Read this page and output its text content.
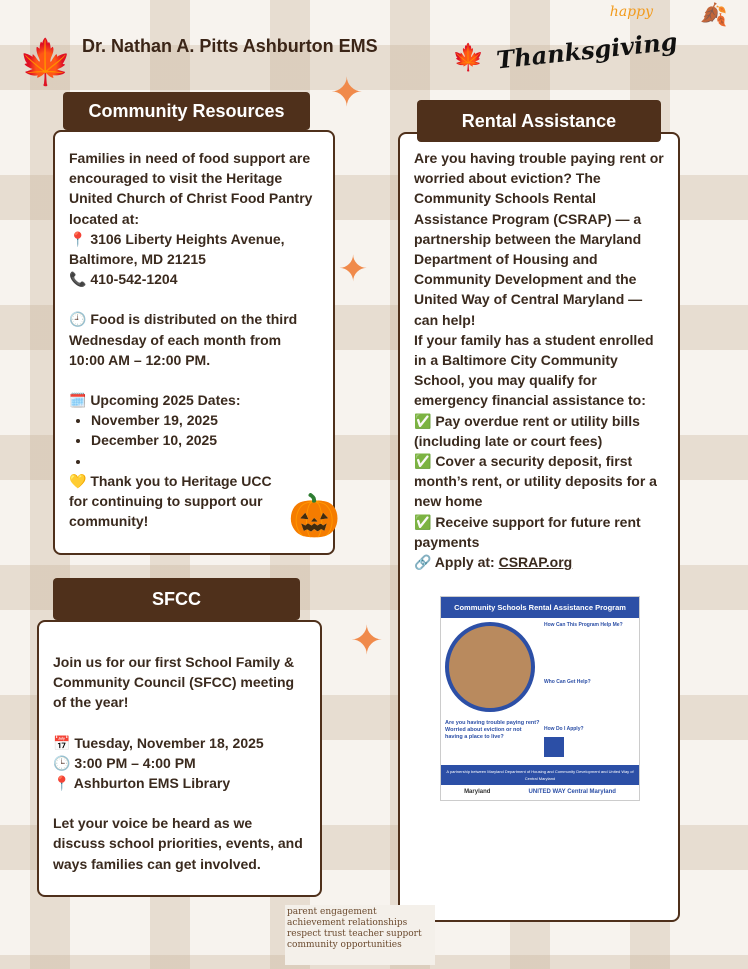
🍁 Dr. Nathan A. Pitts Ashburton EMS
happy
Thanksgiving
🍁
🍂
✦
✦
✦
Community Resources

Families in need of food support are encouraged to visit the Heritage United Church of Christ Food Pantry located at:

📍 3106 Liberty Heights Avenue, Baltimore, MD 21215

📞 410-542-1204

🕘 Food is distributed on the third Wednesday of each month from 10:00 AM – 12:00 PM.

🗓️ Upcoming 2025 Dates:

• November 19, 2025
• December 10, 2025
•

💛 Thank you to Heritage UCC for continuing to support our community!	🎃
Rental Assistance

Are you having trouble paying rent or worried about eviction? The Community Schools Rental Assistance Program (CSRAP) — a partnership between the Maryland Department of Housing and Community Development and the United Way of Central Maryland — can help!

If your family has a student enrolled in a Baltimore City Community School, you may qualify for emergency financial assistance to:

✅ Pay overdue rent or utility bills (including late or court fees)

✅ Cover a security deposit, first month’s rent, or utility deposits for a new home

✅ Receive support for future rent payments

🔗 Apply at: CSRAP.org

Community Schools Rental Assistance Program
Are you having trouble paying rent? Worried about eviction or not having a place to live?
How Can This Program Help Me?
Who Can Get Help?
How Do I Apply?
A partnership between Maryland Department of Housing and Community Development and United Way of Central Maryland
Maryland	UNITED WAY Central Maryland
SFCC

Join us for our first School Family & Community Council (SFCC) meeting of the year!

📅 Tuesday, November 18, 2025

🕒 3:00 PM – 4:00 PM

📍 Ashburton EMS Library

Let your voice be heard as we discuss school priorities, events, and ways families can get involved.

parent engagement achievement relationships respect trust teacher support community opportunities
